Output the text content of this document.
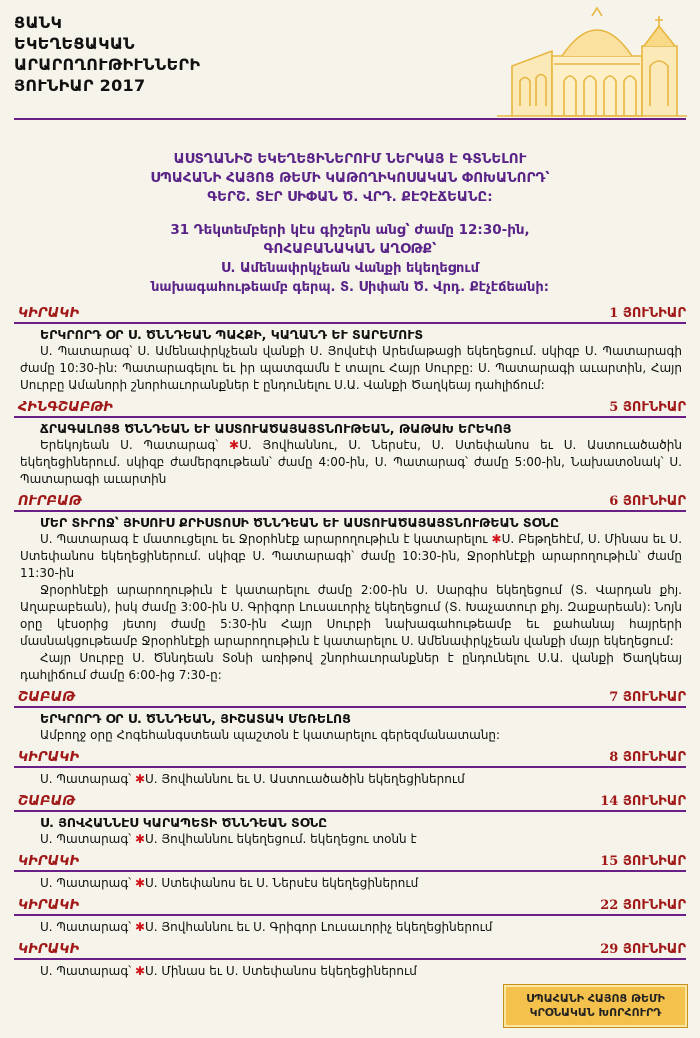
ՑԱՆԿ
ԵԿԵՂԵՑԱԿԱՆ
ԱՐԱՐՈՂՈՒԹԻՒՆՆԵՐԻ
ՅՈՒՆԻԱՐ 2017
ԱՍՏՂԱՆԻՇ ԵԿԵՂԵՑԻՆԵՐՈՒՄ ՆԵՐԿԱՅ Է ԳՏՆԵԼՈՒ
ՍՊԱՀԱՆԻ ՀԱՅՈՑ ԹԵՄԻ ԿԱԹՈՂԻԿՈՍԱԿԱՆ ՓՈԽԱՆՈՐԴ՝
ԳԵՐՇ. ՏԷՐ ՍԻՓԱՆ Ծ. ՎՐԴ. ՔԷՉԷՃԵԱՆԸ:
31 Դեկտեմբերի կէս գիշերն անց՝ ժամը 12:30-ին,
ԳՈՀԱԲԱՆԱԿԱՆ ԱՂՕԹՔ՝
Ս. Ամենափրկչեան Վանքի եկեղեցում
նախագահութեամբ գերպ. Տ. Սիփան Ծ. Վրդ. Քէչէճեանի:
ԿԻՐԱԿԻ	1 ՅՈՒՆԻԱՐ
ԵՐԿՐՈՐԴ ՕՐ Ս. ԾՆՆԴԵԱՆ ՊԱՀՔԻ, ԿԱՂԱՆԴ ԵՒ ՏԱՐԵՄՈՒՏ
Ս. Պատարագ՝ Ս. Ամենափրկչեան վանքի Ս. Յովսէփ Արեմաթացի եկեղեցում. սկիզբ Ս. Պատարագի ժամը 10:30-ին: Պատարագելու եւ իր պատգամն է տալու Հայր Սուրբը: Ս. Պատարագի աւարտին, Հայր Սուրբը Ամանորի շնորհաւորանքներ է ընդունելու Ս.Ա. Վանքի Ծաղկեայ դահլիճում:
ՀԻՆԳՇԱԲԹԻ	5 ՅՈՒՆԻԱՐ
ՃՐԱԳԱԼՈՅՑ ԾՆՆԴԵԱՆ ԵՒ ԱՍՏՈՒԱԾԱՅԱՅՏՆՈՒԹԵԱՆ, ԹԱԹԱԽ ԵՐԵԿՈՅ
Երեկոյեան Ս. Պատարագ՝ ✱Ս. Յովհաննու, Ս. Ներսէս, Ս. Ստեփանոս եւ Ս. Աստուածածին եկեղեցիներում. սկիզբ ժամերգութեան՝ ժամը 4:00-ին, Ս. Պատարագ՝ ժամը 5:00-ին, Նախատօնակ՝ Ս. Պատարագի աւարտին
ՈՒՐԲԱԹ	6 ՅՈՒՆԻԱՐ
ՄԵՐ ՏԻՐՈՋ՝ ՅԻՍՈՒՍ ՔՐԻՍՏՈՍԻ ԾՆՆԴԵԱՆ ԵՒ ԱՍՏՈՒԱԾԱՅԱՅՏՆՈՒԹԵԱՆ ՏՕՆԸ
Ս. Պատարագ է մատուցելու եւ Ջրօրհնէք արարողութիւն է կատարելու ✱Ս. Բեթղեհէմ, Ս. Մինաս եւ Ս. Ստեփանոս եկեղեցիներում. սկիզբ Ս. Պատարագի՝ ժամը 10:30-ին, Ջրօրհնէքի արարողութիւն՝ ժամը 11:30-ին
Ջրօրհնէքի արարողութիւն է կատարելու ժամը 2:00-ին Ս. Սարգիս եկեղեցում (Տ. Վարդան քհյ. Աղաբաբեան), իսկ ժամը 3:00-ին Ս. Գրիգոր Լուսաւորիչ եկեղեցում (Տ. Խաչատուր քհյ. Զաքարեան): Նոյն օրը կէսօրից յետոյ ժամը 5:30-ին Հայր Սուրբի նախագահութեամբ եւ քահանայ հայրերի մասնակցութեամբ Ջրօրհնէքի արարողութիւն է կատարելու Ս. Ամենափրկչեան վանքի մայր եկեղեցում:
Հայր Սուրբը Ս. Ծննդեան Տօնի առիթով շնորհաւորանքներ է ընդունելու Ս.Ա. վանքի Ծաղկեայ դահլիճում ժամը 6:00-ից 7:30-ը:
ՇԱԲԱԹ	7 ՅՈՒՆԻԱՐ
ԵՐԿՐՈՐԴ ՕՐ Ս. ԾՆՆԴԵԱՆ, ՅԻՇԱՏԱԿ ՄԵՌԵԼՈՑ
Ամբողջ օրը Հոգեհանգստեան պաշտօն է կատարելու գերեզմանատանը:
ԿԻՐԱԿԻ	8 ՅՈՒՆԻԱՐ
Ս. Պատարագ՝ ✱Ս. Յովհաննու եւ Ս. Աստուածածին եկեղեցիներում
ՇԱԲԱԹ	14 ՅՈՒՆԻԱՐ
Ս. ՅՈՎՀԱՆՆԷՍ ԿԱՐԱՊԵՏԻ ԾՆՆԴԵԱՆ ՏՕՆԸ
Ս. Պատարագ՝ ✱Ս. Յովհաննու եկեղեցում. եկեղեցու տօնն է
ԿԻՐԱԿԻ	15 ՅՈՒՆԻԱՐ
Ս. Պատարագ՝ ✱Ս. Ստեփանոս եւ Ս. Ներսէս եկեղեցիներում
ԿԻՐԱԿԻ	22 ՅՈՒՆԻԱՐ
Ս. Պատարագ՝ ✱Ս. Յովհաննու եւ Ս. Գրիգոր Լուսաւորիչ եկեղեցիներում
ԿԻՐԱԿԻ	29 ՅՈՒՆԻԱՐ
Ս. Պատարագ՝ ✱Ս. Մինաս եւ Ս. Ստեփանոս եկեղեցիներում
ՍՊԱՀԱՆԻ ՀԱՅՈՑ ԹԵՄԻ
ԿՐՕՆԱԿԱՆ ԽՈՐՀՈՒՐԴ
